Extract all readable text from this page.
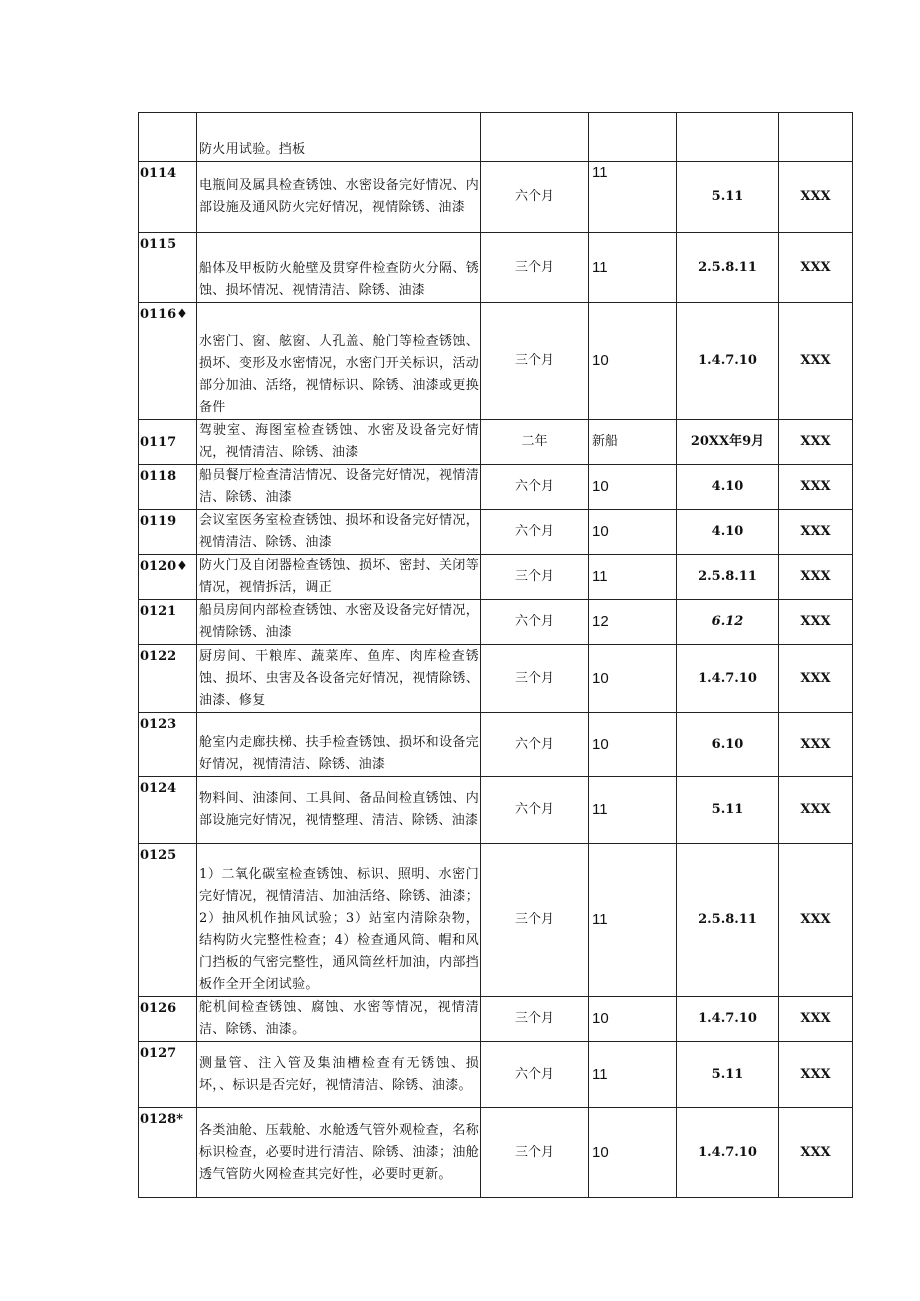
	防火用试验。挡板				
0114	电瓶间及属具检查锈蚀、水密设备完好情况、内部设施及通风防火完好情况，视情除锈、油漆	六个月	11	5.11	XXX
0115	船体及甲板防火舱壁及贯穿件检查防火分隔、锈蚀、损坏情况、视情清洁、除锈、油漆	三个月	11	2.5.8.11	XXX
0116♦	水密门、窗、舷窗、人孔盖、舱门等检查锈蚀、损坏、变形及水密情况，水密门开关标识，活动部分加油、活络，视情标识、除锈、油漆或更换备件	三个月	10	1.4.7.10	XXX
0117	驾驶室、海图室检查锈蚀、水密及设备完好情况，视情清洁、除锈、油漆	二年	新船	20XX年9月	XXX
0118	船员餐厅检查清洁情况、设备完好情况，视情清洁、除锈、油漆	六个月	10	4.10	XXX
0119	会议室医务室检查锈蚀、损坏和设备完好情况，视情清洁、除锈、油漆	六个月	10	4.10	XXX
0120♦	防火门及自闭器检查锈蚀、损坏、密封、关闭等情况，视情拆活，调正	三个月	11	2.5.8.11	XXX
0121	船员房间内部检查锈蚀、水密及设备完好情况，视情除锈、油漆	六个月	12	6.12	XXX
0122	厨房间、干粮库、蔬菜库、鱼库、肉库检查锈蚀、损坏、虫害及各设备完好情况，视情除锈、油漆、修复	三个月	10	1.4.7.10	XXX
0123	舱室内走廊扶梯、扶手检查锈蚀、损坏和设备完好情况，视情清洁、除锈、油漆	六个月	10	6.10	XXX
0124	物料间、油漆间、工具间、备品间检直锈蚀、内部设施完好情况，视情整理、清洁、除锈、油漆	六个月	11	5.11	XXX
0125	1）二氧化碳室检查锈蚀、标识、照明、水密门完好情况，视情清洁、加油活络、除锈、油漆；2）抽风机作抽风试验；3）站室内清除杂物，结构防火完整性检查；4）检查通风筒、帽和风门挡板的气密完整性，通风筒丝杆加油，内部挡板作全开全闭试验。	三个月	11	2.5.8.11	XXX
0126	舵机间检查锈蚀、腐蚀、水密等情况，视情清洁、除锈、油漆。	三个月	10	1.4.7.10	XXX
0127	测量管、注入管及集油槽检查有无锈蚀、损坏，、标识是否完好，视情清洁、除锈、油漆。	六个月	11	5.11	XXX
0128*	各类油舱、压载舱、水舱透气管外观检查，名称标识检查，必要时进行清洁、除锈、油漆；油舱透气管防火网检查其完好性，必要时更新。	三个月	10	1.4.7.10	XXX
